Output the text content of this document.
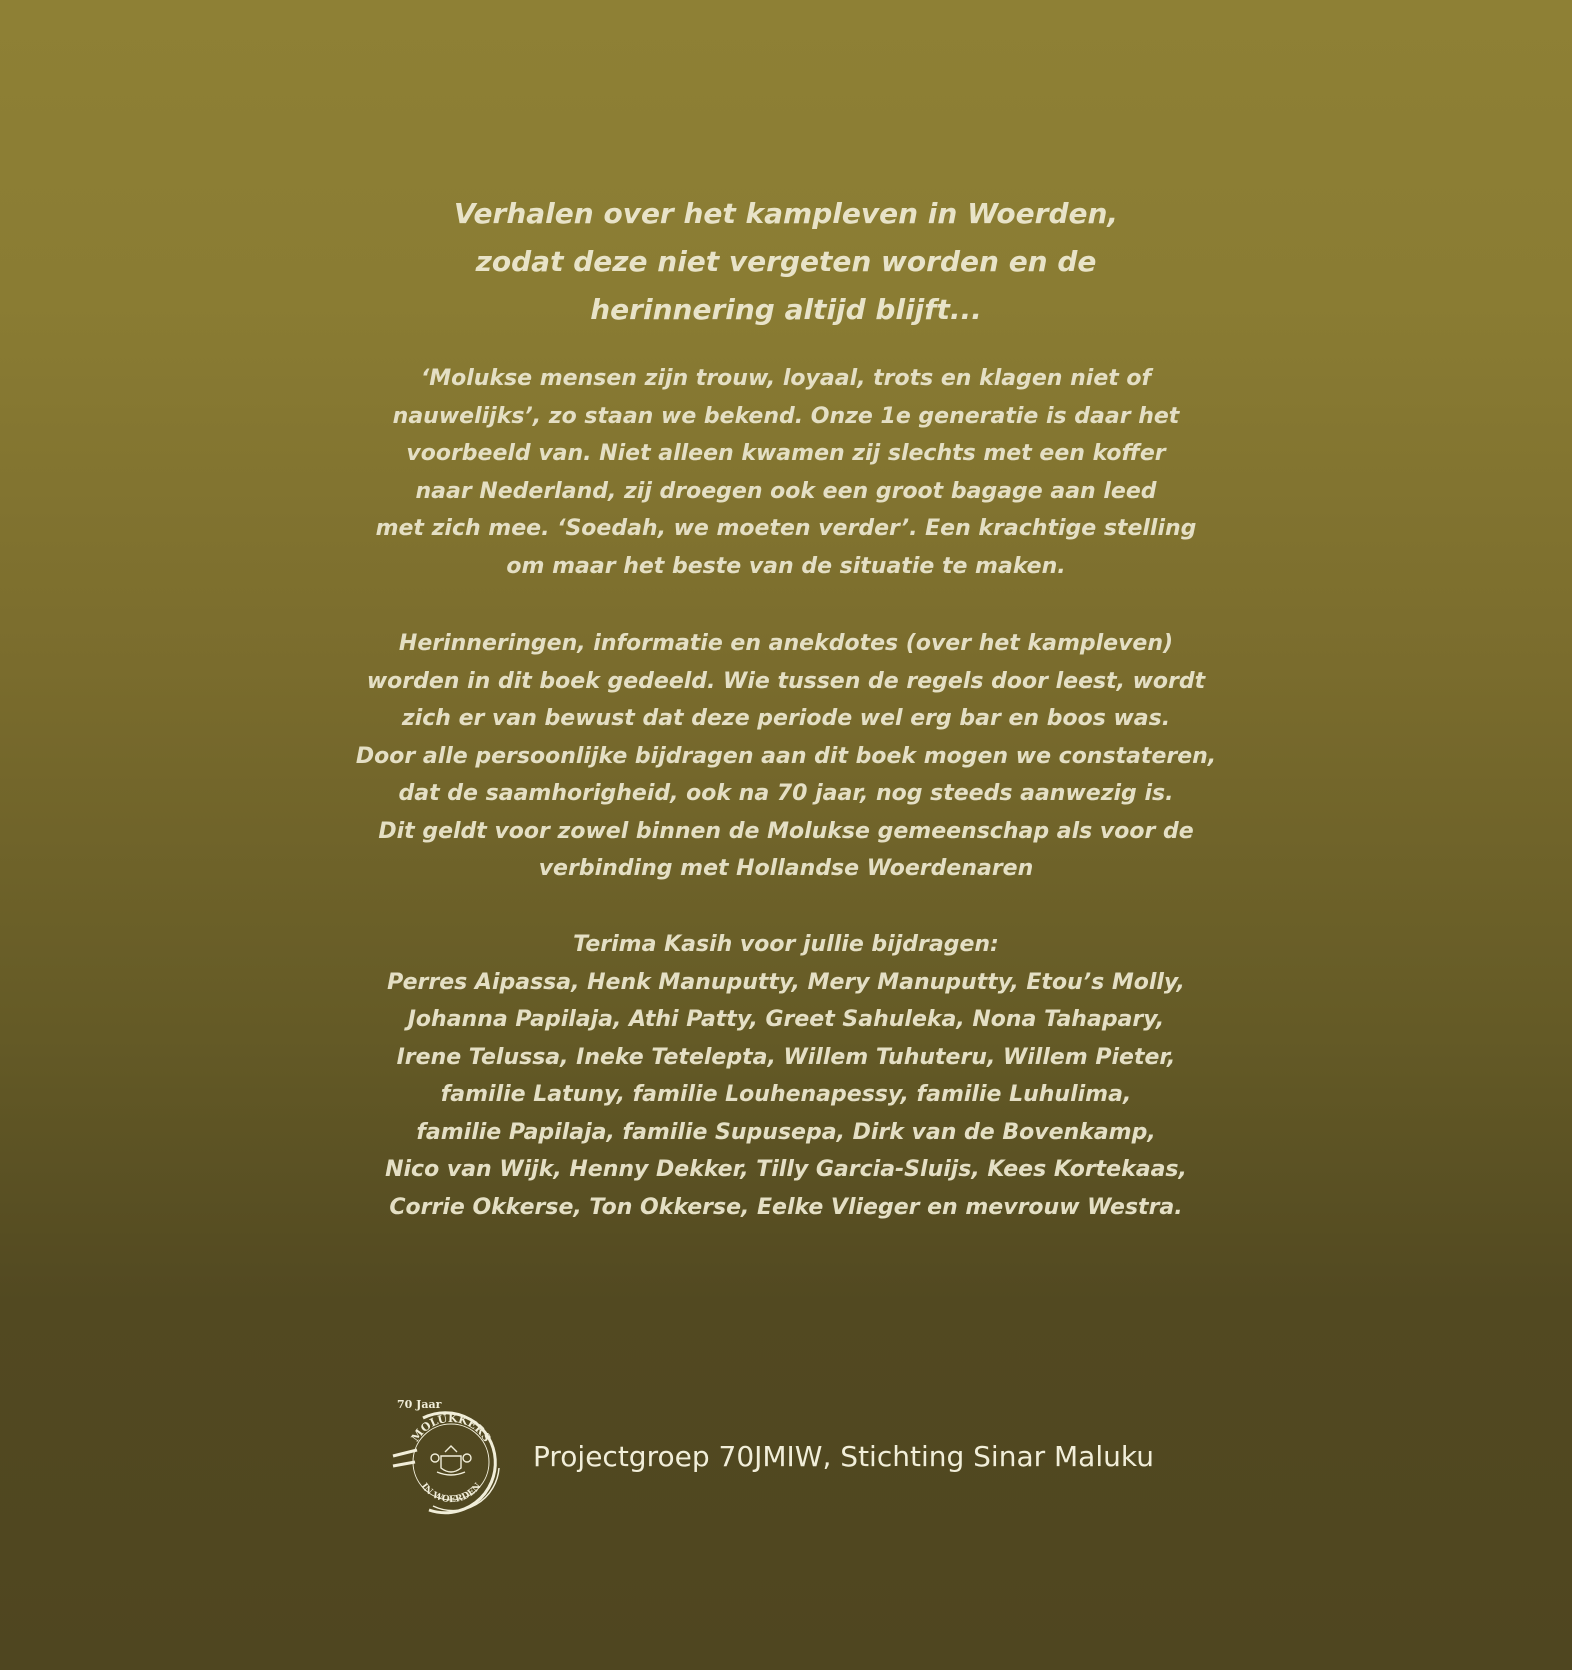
Verhalen over het kampleven in Woerden,
zodat deze niet vergeten worden en de
herinnering altijd blijft...
‘Molukse mensen zijn trouw, loyaal, trots en klagen niet of
nauwelijks’, zo staan we bekend. Onze 1e generatie is daar het
voorbeeld van. Niet alleen kwamen zij slechts met een koffer
naar Nederland, zij droegen ook een groot bagage aan leed
met zich mee. ‘Soedah, we moeten verder’. Een krachtige stelling
om maar het beste van de situatie te maken.
Herinneringen, informatie en anekdotes (over het kampleven)
worden in dit boek gedeeld. Wie tussen de regels door leest, wordt
zich er van bewust dat deze periode wel erg bar en boos was.
Door alle persoonlijke bijdragen aan dit boek mogen we constateren,
dat de saamhorigheid, ook na 70 jaar, nog steeds aanwezig is.
Dit geldt voor zowel binnen de Molukse gemeenschap als voor de
verbinding met Hollandse Woerdenaren
Terima Kasih voor jullie bijdragen:
Perres Aipassa, Henk Manuputty, Mery Manuputty, Etou’s Molly,
Johanna Papilaja, Athi Patty, Greet Sahuleka, Nona Tahapary,
Irene Telussa, Ineke Tetelepta, Willem Tuhuteru, Willem Pieter,
familie Latuny, familie Louhenapessy, familie Luhulima,
familie Papilaja, familie Supusepa, Dirk van de Bovenkamp,
Nico van Wijk, Henny Dekker, Tilly Garcia-Sluijs, Kees Kortekaas,
Corrie Okkerse, Ton Okkerse, Eelke Vlieger en mevrouw Westra.
MOLUKKERS
IN WOERDEN
70 Jaar
Projectgroep 70JMIW, Stichting Sinar Maluku
